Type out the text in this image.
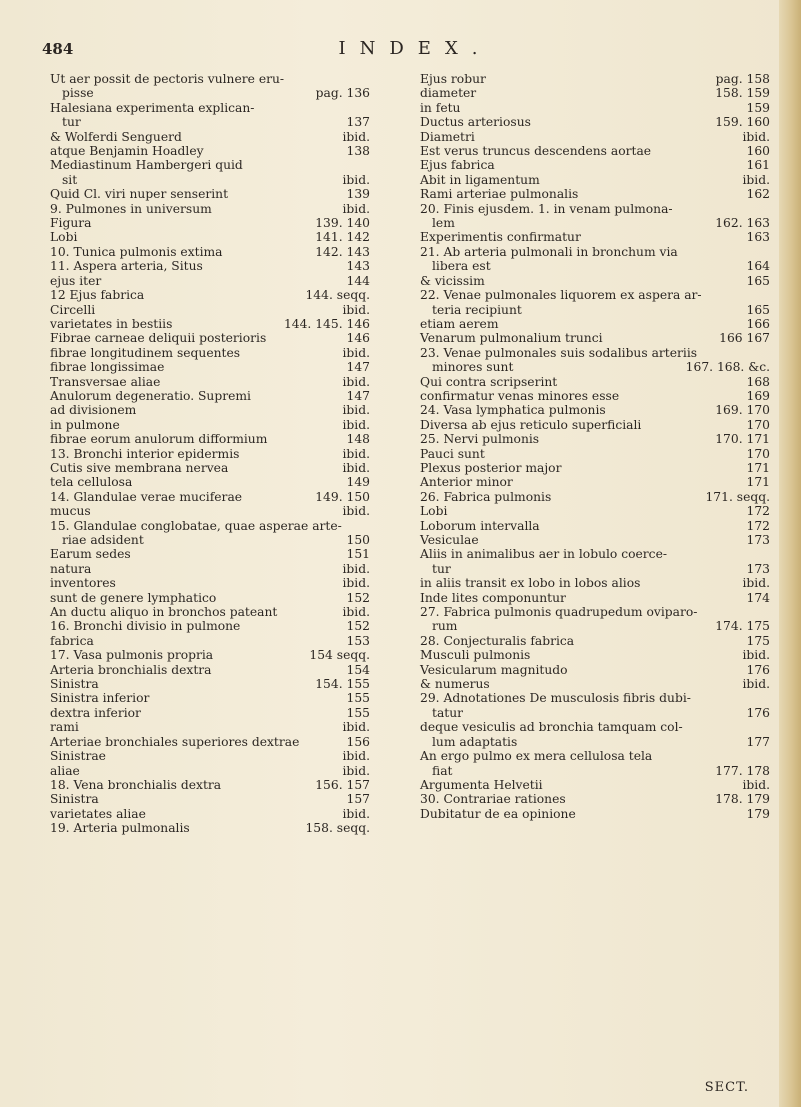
484	INDEX.
Ut aer possit de pectoris vulnere eru-
pisse	pag. 136
Halesiana experimenta explican-
tur	137
& Wolferdi Senguerd	ibid.
atque Benjamin Hoadley	138
Mediastinum Hambergeri quid
sit	ibid.
Quid Cl. viri nuper senserint	139
9. Pulmones in universum	ibid.
Figura	139. 140
Lobi	141. 142
10. Tunica pulmonis extima	142. 143
11. Aspera arteria, Situs	143
ejus iter	144
12 Ejus fabrica	144. seqq.
Circelli	ibid.
varietates in bestiis	144. 145. 146
Fibrae carneae deliquii posterioris	146
fibrae longitudinem sequentes	ibid.
fibrae longissimae	147
Transversae aliae	ibid.
Anulorum degeneratio. Supremi	147
ad divisionem	ibid.
in pulmone	ibid.
fibrae eorum anulorum difformium	148
13. Bronchi interior epidermis	ibid.
Cutis sive membrana nervea	ibid.
tela cellulosa	149
14. Glandulae verae muciferae	149. 150
mucus	ibid.
15. Glandulae conglobatae, quae asperae arte-
riae adsident	150
Earum sedes	151
natura	ibid.
inventores	ibid.
sunt de genere lymphatico	152
An ductu aliquo in bronchos pateant	ibid.
16. Bronchi divisio in pulmone	152
fabrica	153
17. Vasa pulmonis propria	154 seqq.
Arteria bronchialis dextra	154
Sinistra	154. 155
Sinistra inferior	155
dextra inferior	155
rami	ibid.
Arteriae bronchiales superiores dextrae	156
Sinistrae	ibid.
aliae	ibid.
18. Vena bronchialis dextra	156. 157
Sinistra	157
varietates aliae	ibid.
19. Arteria pulmonalis	158. seqq.
Ejus robur	pag. 158
diameter	158. 159
in fetu	159
Ductus arteriosus	159. 160
Diametri	ibid.
Est verus truncus descendens aortae	160
Ejus fabrica	161
Abit in ligamentum	ibid.
Rami arteriae pulmonalis	162
20. Finis ejusdem. 1. in venam pulmona-
lem	162. 163
Experimentis confirmatur	163
21. Ab arteria pulmonali in bronchum via
libera est	164
& vicissim	165
22. Venae pulmonales liquorem ex aspera ar-
teria recipiunt	165
etiam aerem	166
Venarum pulmonalium trunci	166 167
23. Venae pulmonales suis sodalibus arteriis
minores sunt	167. 168. &c.
Qui contra scripserint	168
confirmatur venas minores esse	169
24. Vasa lymphatica pulmonis	169. 170
Diversa ab ejus reticulo superficiali	170
25. Nervi pulmonis	170. 171
Pauci sunt	170
Plexus posterior major	171
Anterior minor	171
26. Fabrica pulmonis	171. seqq.
Lobi	172
Loborum intervalla	172
Vesiculae	173
Aliis in animalibus aer in lobulo coerce-
tur	173
in aliis transit ex lobo in lobos alios	ibid.
Inde lites componuntur	174
27. Fabrica pulmonis quadrupedum oviparo-
rum	174. 175
28. Conjecturalis fabrica	175
Musculi pulmonis	ibid.
Vesicularum magnitudo	176
& numerus	ibid.
29. Adnotationes De musculosis fibris dubi-
tatur	176
deque vesiculis ad bronchia tamquam col-
lum adaptatis	177
An ergo pulmo ex mera cellulosa tela
fiat	177. 178
Argumenta Helvetii	ibid.
30. Contrariae rationes	178. 179
Dubitatur de ea opinione	179
SECT.
